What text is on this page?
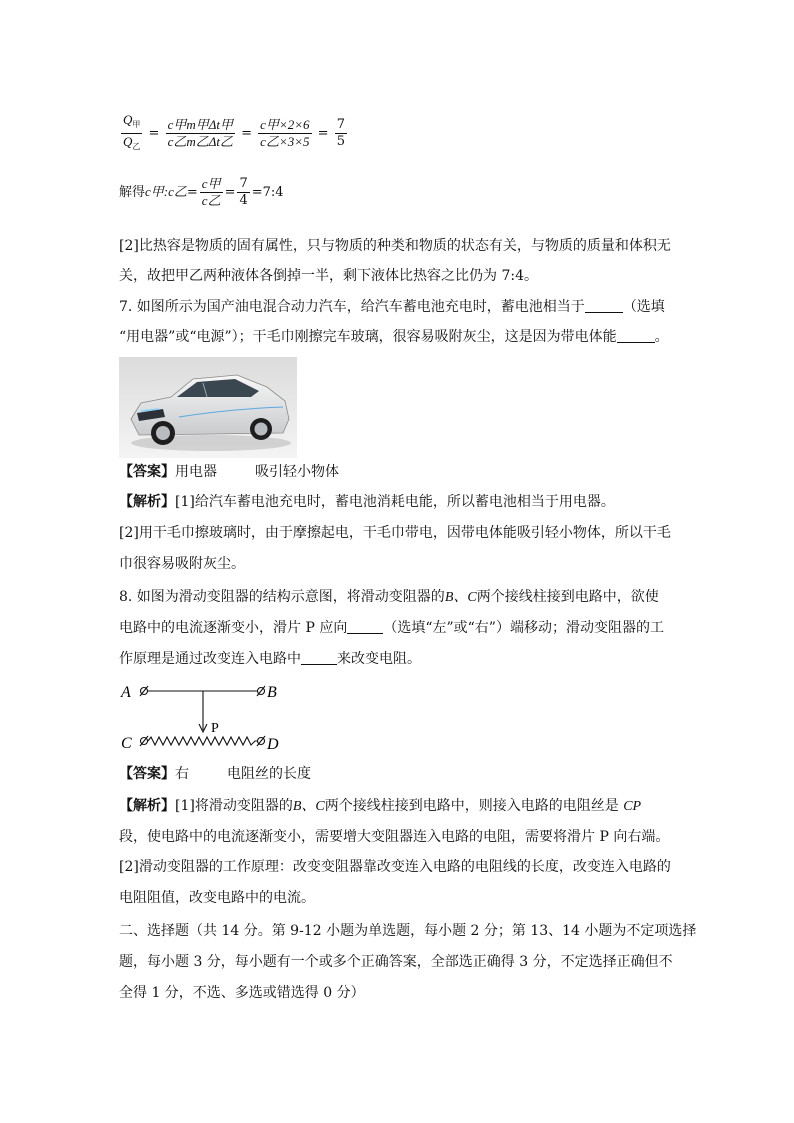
$\frac{Q_甲}{Q_乙} = \frac{\text{c甲m甲Δt甲}}{\text{c乙m乙Δt乙}} = \frac{\text{c甲×2×6}}{\text{c乙×3×5}} = \frac{7}{5}$
解得c甲:c乙= $\frac{\text{c甲}}{\text{c乙}} = \frac{7}{4}$ =7:4
[2]比热容是物质的固有属性，只与物质的种类和物质的状态有关，与物质的质量和体积无
关，故把甲乙两种液体各倒掉一半，剩下液体比热容之比仍为 7:4。
7. 如图所示为国产油电混合动力汽车，给汽车蓄电池充电时，蓄电池相当于	（选填
“用电器”或“电源”）；干毛巾刚擦完车玻璃，很容易吸附灰尘，这是因为带电体能	。
【答案】用电器	吸引轻小物体
【解析】[1]给汽车蓄电池充电时，蓄电池消耗电能，所以蓄电池相当于用电器。
[2]用干毛巾擦玻璃时，由于摩擦起电，干毛巾带电，因带电体能吸引轻小物体，所以干毛
巾很容易吸附灰尘。
8. 如图为滑动变阻器的结构示意图，将滑动变阻器的B、C两个接线柱接到电路中，欲使
电路中的电流逐渐变小，滑片 P 应向	（选填“左”或“右”）端移动；滑动变阻器的工
作原理是通过改变连入电路中	来改变电阻。
A	B
C	D
P
【答案】右	电阻丝的长度
【解析】[1]将滑动变阻器的B、C两个接线柱接到电路中，则接入电路的电阻丝是 CP
段，使电路中的电流逐渐变小，需要增大变阻器连入电路的电阻，需要将滑片 P 向右端。
[2]滑动变阻器的工作原理：改变变阻器靠改变连入电路的电阻线的长度，改变连入电路的
电阻阻值，改变电路中的电流。
二、选择题（共 14 分。第 9-12 小题为单选题，每小题 2 分；第 13、14 小题为不定项选择
题，每小题 3 分，每小题有一个或多个正确答案，全部选正确得 3 分，不定选择正确但不
全得 1 分，不选、多选或错选得 0 分）
